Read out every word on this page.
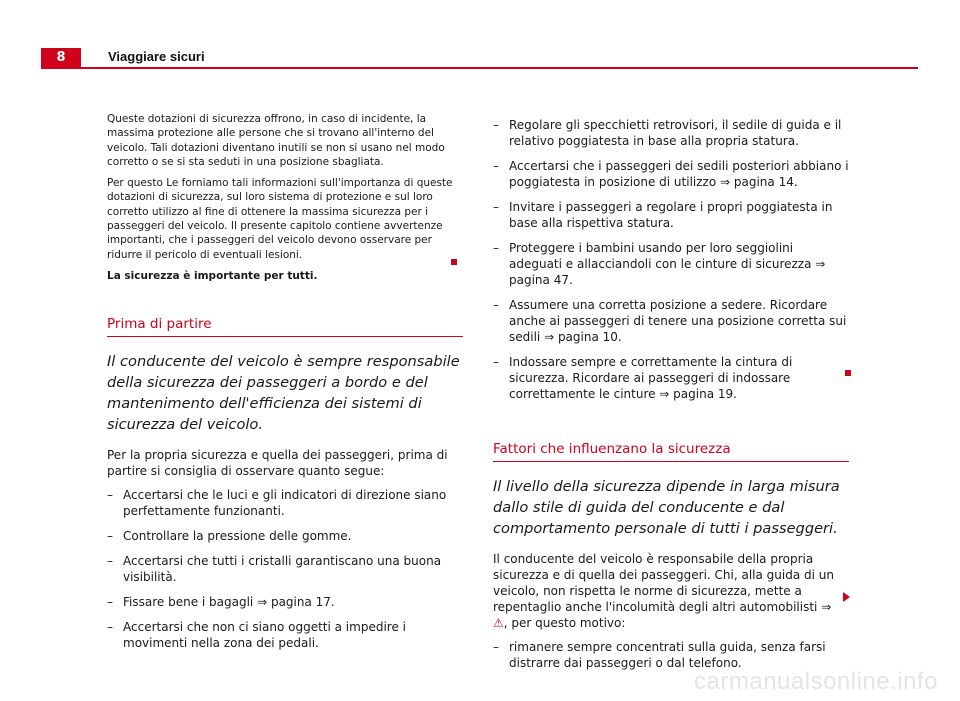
8	Viaggiare sicuri

Queste dotazioni di sicurezza offrono, in caso di incidente, la massima protezione alle persone che si trovano all'interno del veicolo. Tali dotazioni diventano inutili se non si usano nel modo corretto o se si sta seduti in una posizione sbagliata.

Per questo Le forniamo tali informazioni sull'importanza di queste dotazioni di sicurezza, sul loro sistema di protezione e sul loro corretto utilizzo al fine di ottenere la massima sicurezza per i passeggeri del veicolo. Il presente capitolo contiene avvertenze importanti, che i passeggeri del veicolo devono osservare per ridurre il pericolo di eventuali lesioni.

La sicurezza è importante per tutti.

Prima di partire

Il conducente del veicolo è sempre responsabile della sicurezza dei passeggeri a bordo e del mantenimento dell'efficienza dei sistemi di sicurezza del veicolo.

Per la propria sicurezza e quella dei passeggeri, prima di partire si consiglia di osservare quanto segue:

– Accertarsi che le luci e gli indicatori di direzione siano perfettamente funzionanti.
– Controllare la pressione delle gomme.
– Accertarsi che tutti i cristalli garantiscano una buona visibilità.
– Fissare bene i bagagli ⇒ pagina 17.
– Accertarsi che non ci siano oggetti a impedire i movimenti nella zona dei pedali.
– Regolare gli specchietti retrovisori, il sedile di guida e il relativo poggiatesta in base alla propria statura.
– Accertarsi che i passeggeri dei sedili posteriori abbiano i poggiatesta in posizione di utilizzo ⇒ pagina 14.
– Invitare i passeggeri a regolare i propri poggiatesta in base alla rispettiva statura.
– Proteggere i bambini usando per loro seggiolini adeguati e allacciandoli con le cinture di sicurezza ⇒ pagina 47.
– Assumere una corretta posizione a sedere. Ricordare anche ai passeggeri di tenere una posizione corretta sui sedili ⇒ pagina 10.
– Indossare sempre e correttamente la cintura di sicurezza. Ricordare ai passeggeri di indossare correttamente le cinture ⇒ pagina 19.
Fattori che influenzano la sicurezza

Il livello della sicurezza dipende in larga misura dallo stile di guida del conducente e dal comportamento personale di tutti i passeggeri.

Il conducente del veicolo è responsabile della propria sicurezza e di quella dei passeggeri. Chi, alla guida di un veicolo, non rispetta le norme di sicurezza, mette a repentaglio anche l'incolumità degli altri automobilisti ⇒ ⚠, per questo motivo:

– rimanere sempre concentrati sulla guida, senza farsi distrarre dai passeggeri o dal telefono.
carmanualsonline.info
